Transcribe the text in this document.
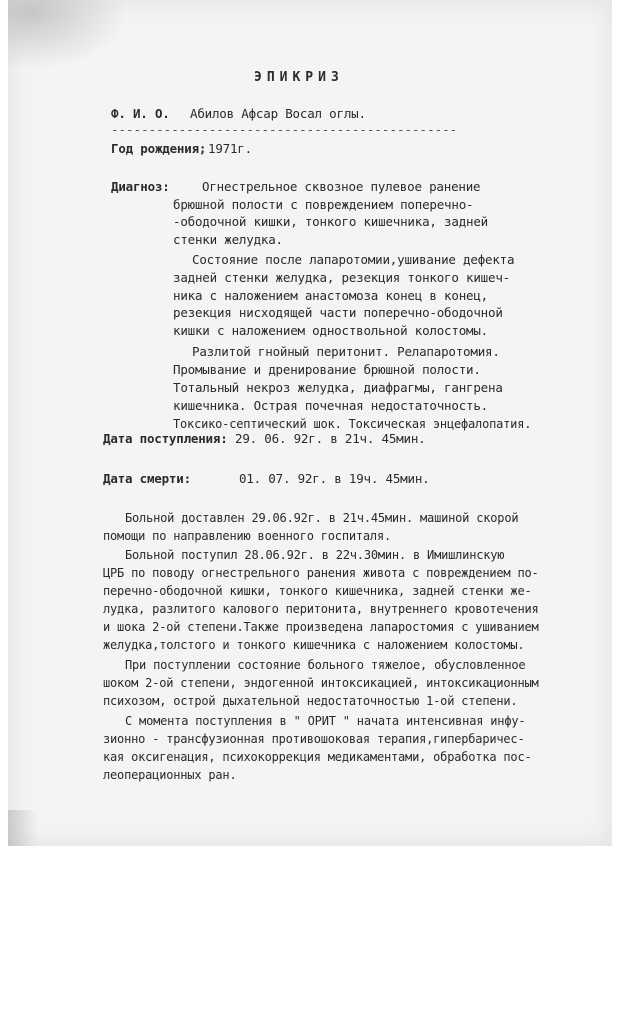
ЭПИКРИЗ
Ф. И. О. Абилов Афсар Восал оглы.
----------------------------------------------
Год рождения; 1971г.
Диагноз:	Огнестрельное сквозное пулевое ранение
брюшной полости с повреждением поперечно-
-ободочной кишки, тонкого кишечника, задней
стенки желудка.
Состояние после лапаротомии,ушивание дефекта
задней стенки желудка, резекция тонкого кишеч-
ника с наложением анастомоза конец в конец,
резекция нисходящей части поперечно-ободочной
кишки с наложением одноствольной колостомы.
Разлитой гнойный перитонит. Релапаротомия.
Промывание и дренирование брюшной полости.
Тотальный некроз желудка, диафрагмы, гангрена
кишечника. Острая почечная недостаточность.
Токсико-септический шок. Токсическая энцефалопатия.
Дата поступления: 29. 06. 92г. в 21ч. 45мин.
Дата смерти:	01. 07. 92г. в 19ч. 45мин.
Больной доставлен 29.06.92г. в 21ч.45мин. машиной скорой
помощи по направлению военного госпиталя.
Больной поступил 28.06.92г. в 22ч.30мин. в Имишлинскую
ЦРБ по поводу огнестрельного ранения живота с повреждением по-
перечно-ободочной кишки, тонкого кишечника, задней стенки же-
лудка, разлитого калового перитонита, внутреннего кровотечения
и шока 2-ой степени.Также произведена лапаростомия с ушиванием
желудка,толстого и тонкого кишечника с наложением колостомы.
При поступлении состояние больного тяжелое, обусловленное
шоком 2-ой степени, эндогенной интоксикацией, интоксикационным
психозом, острой дыхательной недостаточностью 1-ой степени.
С момента поступления в " ОРИТ " начата интенсивная инфу-
зионно - трансфузионная противошоковая терапия,гипербаричес-
кая оксигенация, психокоррекция медикаментами, обработка пос-
леоперационных ран.
